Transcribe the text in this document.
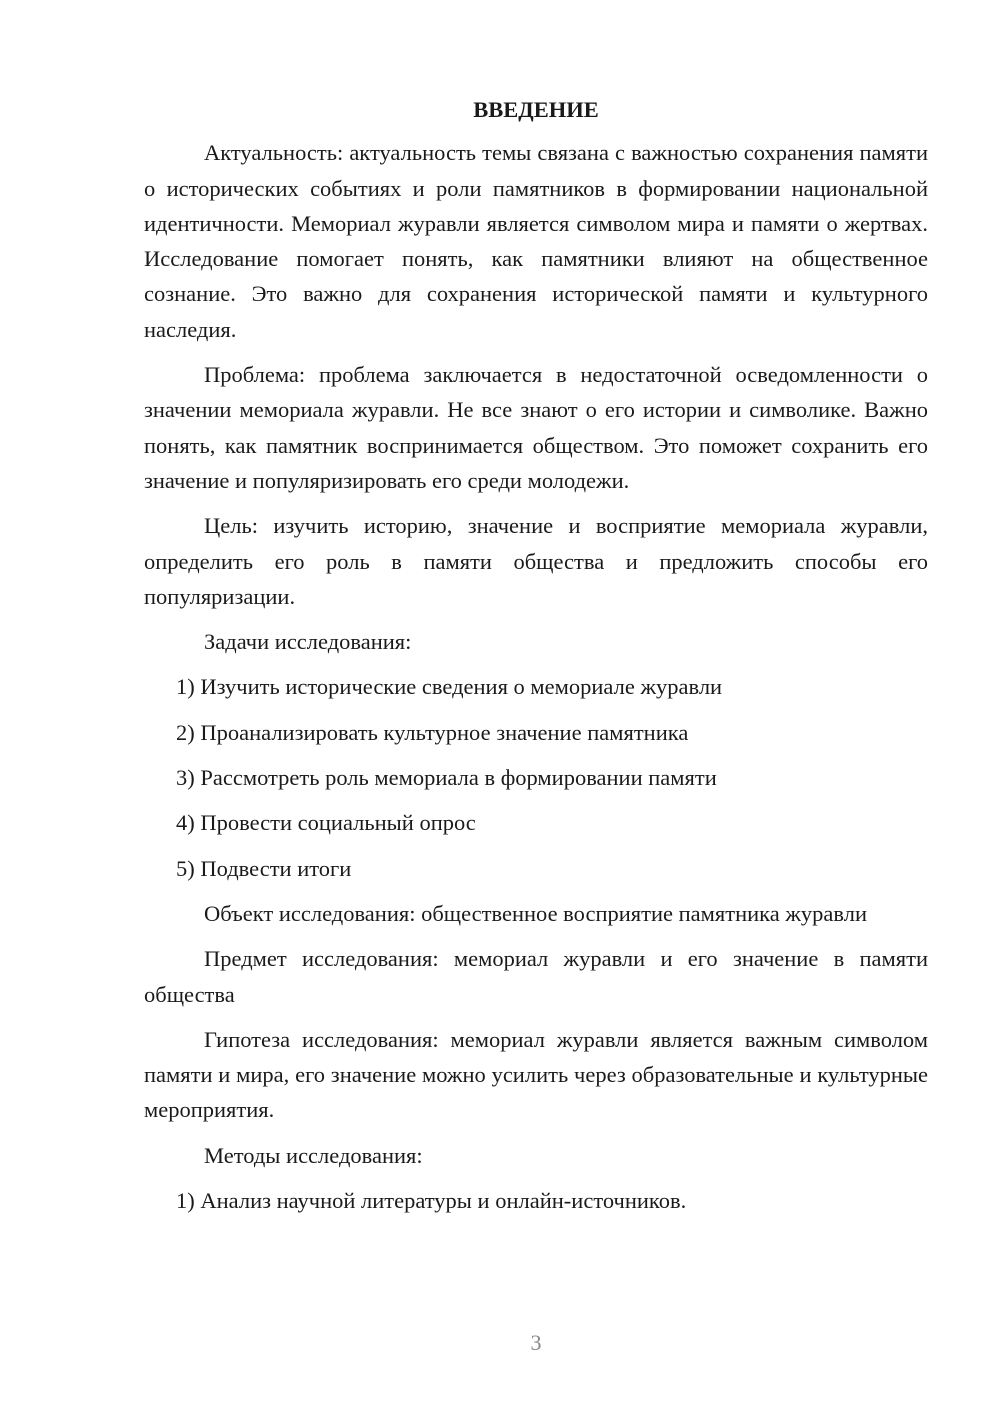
ВВЕДЕНИЕ

Актуальность: актуальность темы связана с важностью сохранения памяти о исторических событиях и роли памятников в формировании национальной идентичности. Мемориал журавли является символом мира и памяти о жертвах. Исследование помогает понять, как памятники влияют на общественное сознание. Это важно для сохранения исторической памяти и культурного наследия.

Проблема: проблема заключается в недостаточной осведомленности о значении мемориала журавли. Не все знают о его истории и символике. Важно понять, как памятник воспринимается обществом. Это поможет сохранить его значение и популяризировать его среди молодежи.

Цель: изучить историю, значение и восприятие мемориала журавли, определить его роль в памяти общества и предложить способы его популяризации.

Задачи исследования:

1) Изучить исторические сведения о мемориале журавли
2) Проанализировать культурное значение памятника
3) Рассмотреть роль мемориала в формировании памяти
4) Провести социальный опрос
5) Подвести итоги

Объект исследования: общественное восприятие памятника журавли

Предмет исследования: мемориал журавли и его значение в памяти общества

Гипотеза исследования: мемориал журавли является важным символом памяти и мира, его значение можно усилить через образовательные и культурные мероприятия.

Методы исследования:

1) Анализ научной литературы и онлайн-источников.
3
